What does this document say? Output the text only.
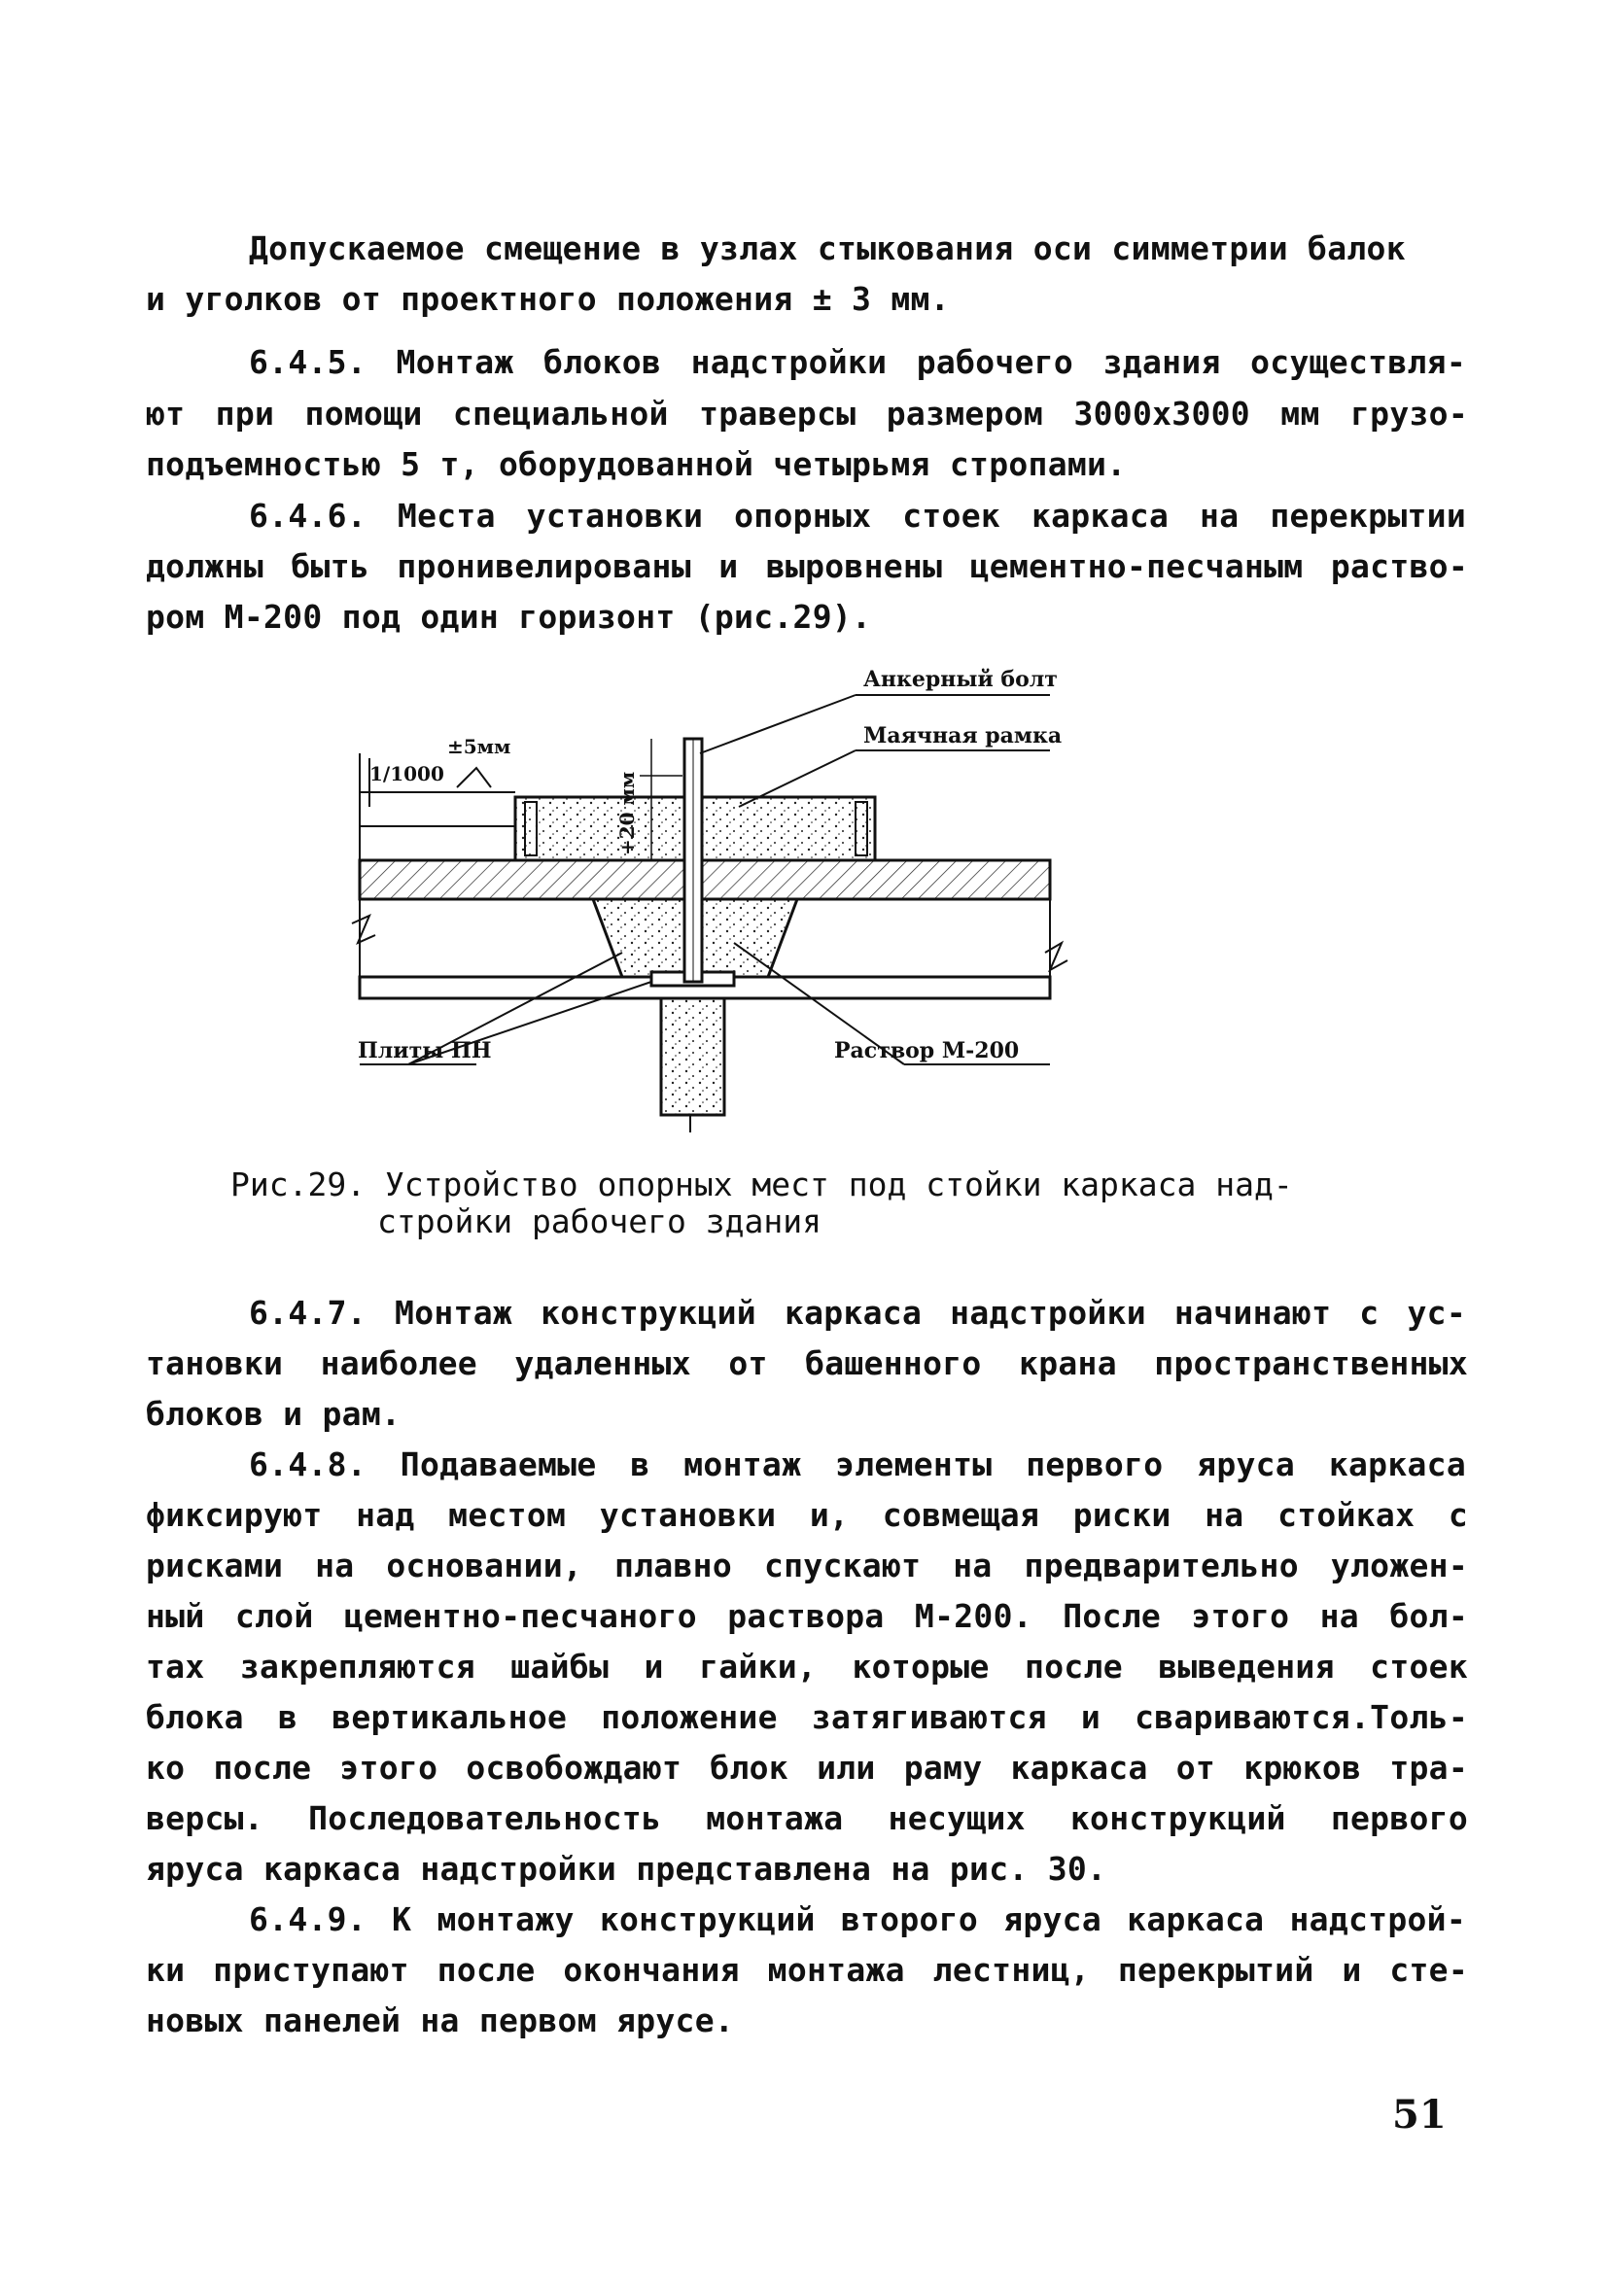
Допускаемое смещение в узлах стыкования оси симметрии балок
и уголков от проектного положения ± 3 мм.
6.4.5. Монтаж блоков надстройки рабочего здания осуществля-
ют при помощи специальной траверсы размером 3000х3000 мм грузо-
подъемностью 5 т, оборудованной четырьмя стропами.
6.4.6. Места установки опорных стоек каркаса на перекрытии
должны быть пронивелированы и выровнены цементно-песчаным раство-
ром М-200 под один горизонт (рис.29).
Анкерный болт
Маячная рамка
1/1000
±5мм
+20 мм
Плиты ПН	Раствор М-200
Рис.29. Устройство опорных мест под стойки каркаса над-
стройки рабочего здания
6.4.7. Монтаж конструкций каркаса надстройки начинают с ус-
тановки наиболее удаленных от башенного крана пространственных
блоков и рам.
6.4.8. Подаваемые в монтаж элементы первого яруса каркаса
фиксируют над местом установки и, совмещая риски на стойках с
рисками на основании, плавно спускают на предварительно уложен-
ный слой цементно-песчаного раствора М-200. После этого на бол-
тах закрепляются шайбы и гайки, которые после выведения стоек
блока в вертикальное положение затягиваются и свариваются.Толь-
ко после этого освобождают блок или раму каркаса от крюков тра-
версы. Последовательность монтажа несущих конструкций первого
яруса каркаса надстройки представлена на рис. 30.
6.4.9. К монтажу конструкций второго яруса каркаса надстрой-
ки приступают после окончания монтажа лестниц, перекрытий и сте-
новых панелей на первом ярусе.
51
